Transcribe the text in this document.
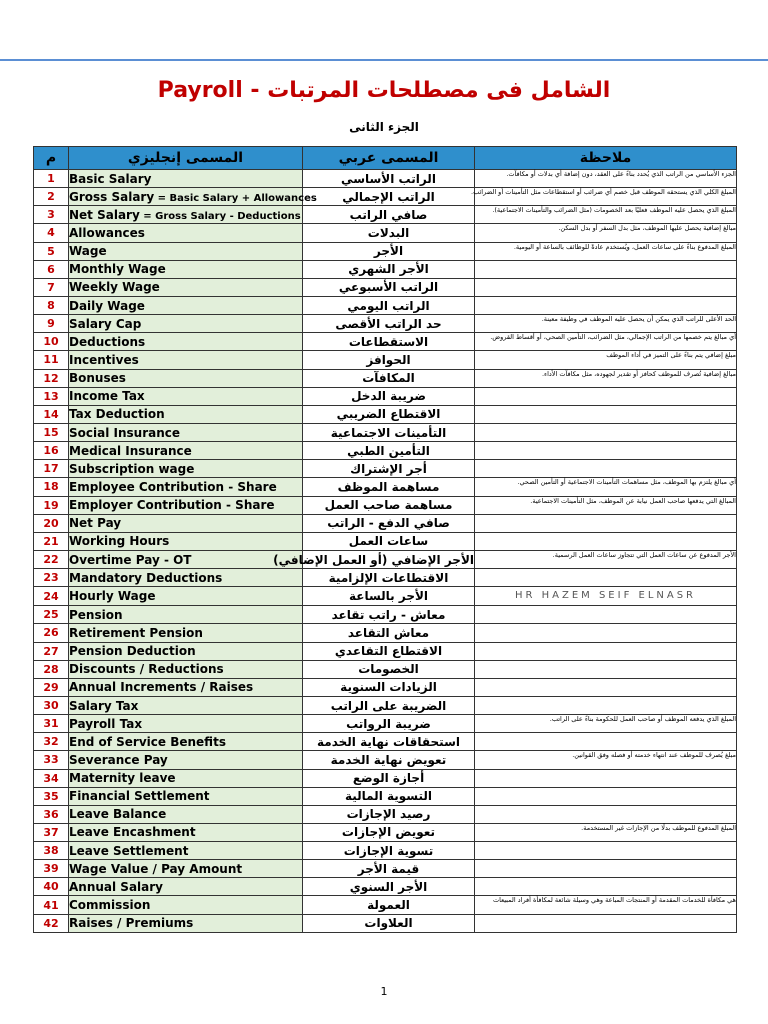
الشامل فى مصطلحات المرتبات - Payroll
الجزء الثانى
م	المسمى إنجليزي	المسمى عربي	ملاحظة
1	Basic Salary	الراتب الأساسي	الجزء الأساسي من الراتب الذي يُحدد بناءً على العقد، دون إضافة أي بدلات أو مكافآت.
2	Gross Salary = Basic Salary + Allowances	الراتب الإجمالي	المبلغ الكلي الذي يستحقه الموظف قبل خصم أي ضرائب أو استقطاعات مثل التأمينات أو الضرائب.
3	Net Salary = Gross Salary - Deductions	صافي الراتب	المبلغ الذي يحصل عليه الموظف فعليًا بعد الخصومات (مثل الضرائب والتأمينات الاجتماعية).
4	Allowances	البدلات	مبالغ إضافية يحصل عليها الموظف، مثل بدل السفر أو بدل السكن.
5	Wage	الأجر	المبلغ المدفوع بناءً على ساعات العمل، ويُستخدم عادةً للوظائف بالساعة أو اليومية.
6	Monthly Wage	الأجر الشهري	
7	Weekly Wage	الراتب الأسبوعي	
8	Daily Wage	الراتب اليومي	
9	Salary Cap	حد الراتب الأقصى	الحد الأعلى للراتب الذي يمكن أن يحصل عليه الموظف في وظيفة معينة.
10	Deductions	الاستقطاعات	أي مبالغ يتم خصمها من الراتب الإجمالي، مثل الضرائب، التأمين الصحي، أو أقساط القروض.
11	Incentives	الحوافز	مبلغ إضافي يتم بناءً على التميز في أداء الموظف
12	Bonuses	المكافآت	مبالغ إضافية تُصرف للموظف كحافز أو تقدير لجهوده، مثل مكافآت الأداء.
13	Income Tax	ضريبة الدخل	
14	Tax Deduction	الاقتطاع الضريبي	
15	Social Insurance	التأمينات الاجتماعية	
16	Medical Insurance	التأمين الطبي	
17	Subscription wage	أجر الإشتراك	
18	Employee Contribution - Share	مساهمة الموظف	أي مبالغ يلتزم بها الموظف، مثل مساهمات التأمينات الاجتماعية أو التأمين الصحي.
19	Employer Contribution - Share	مساهمة صاحب العمل	المبالغ التي يدفعها صاحب العمل نيابة عن الموظف، مثل التأمينات الاجتماعية.
20	Net Pay	صافي الدفع - الراتب	
21	Working Hours	ساعات العمل	
22	Overtime Pay - OT	الأجر الإضافي (أو العمل الإضافي)	الأجر المدفوع عن ساعات العمل التي تتجاوز ساعات العمل الرسمية.
23	Mandatory Deductions	الاقتطاعات الإلزامية	
24	Hourly Wage	الأجر بالساعة	HR HAZEM SEIF ELNASR

25	Pension	معاش - راتب تقاعد	
26	Retirement Pension	معاش التقاعد	
27	Pension Deduction	الاقتطاع التقاعدي	
28	Discounts / Reductions	الخصومات	
29	Annual Increments / Raises	الزيادات السنوية	
30	Salary Tax	الضريبة على الراتب	
31	Payroll Tax	ضريبة الرواتب	المبلغ الذي يدفعه الموظف أو صاحب العمل للحكومة بناءً على الراتب.
32	End of Service Benefits	استحقاقات نهاية الخدمة	
33	Severance Pay	تعويض نهاية الخدمة	مبلغ يُصرف للموظف عند انتهاء خدمته أو فصله وفق القوانين.
34	Maternity leave	أجازة الوضع	
35	Financial Settlement	التسوية المالية	
36	Leave Balance	رصيد الإجازات	
37	Leave Encashment	تعويض الإجازات	المبلغ المدفوع للموظف بدلًا من الإجازات غير المستخدمة.
38	Leave Settlement	تسوية الإجازات	
39	Wage Value / Pay Amount	قيمة الأجر	
40	Annual Salary	الأجر السنوي	
41	Commission	العمولة	هي مكافأة للخدمات المقدمة أو المنتجات المباعة وهي وسيلة شائعة لمكافأة أفراد المبيعات
42	Raises / Premiums	العلاوات	
1
